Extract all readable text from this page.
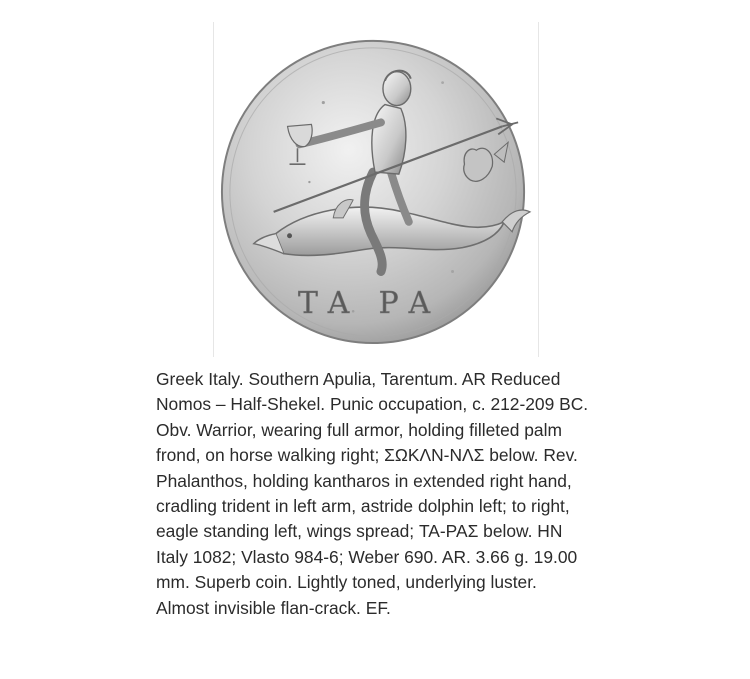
ΤΑ ΡΑ

Greek Italy. Southern Apulia, Tarentum. AR Reduced
Nomos – Half-Shekel. Punic occupation, c. 212-209 BC.
Obv. Warrior, wearing full armor, holding filleted palm
frond, on horse walking right; ΣΩΚΛΝ-ΝΛΣ below. Rev.
Phalanthos, holding kantharos in extended right hand,
cradling trident in left arm, astride dolphin left; to right,
eagle standing left, wings spread; ΤΑ-ΡΑΣ below. HN
Italy 1082; Vlasto 984-6; Weber 690. AR. 3.66 g. 19.00
mm. Superb coin. Lightly toned, underlying luster.
Almost invisible flan-crack. EF.
